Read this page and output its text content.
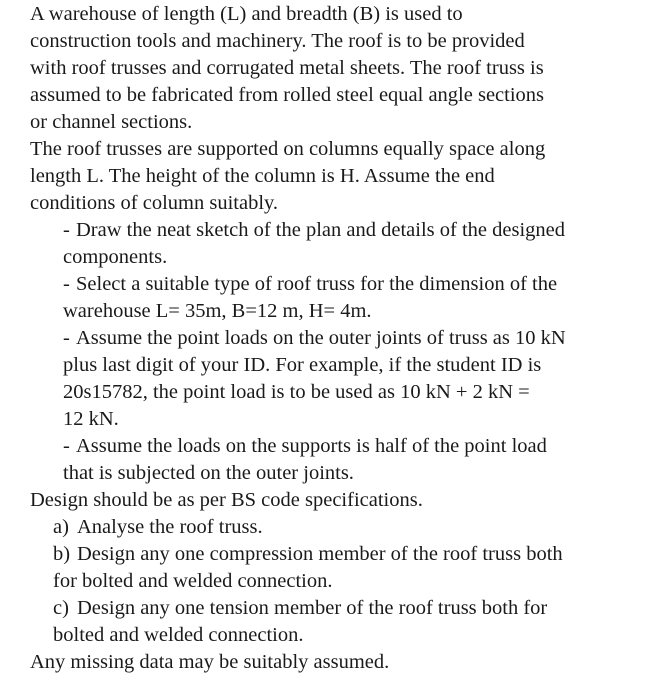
A warehouse of length (L) and breadth (B) is used to
construction tools and machinery. The roof is to be provided
with roof trusses and corrugated metal sheets. The roof truss is
assumed to be fabricated from rolled steel equal angle sections
or channel sections.
The roof trusses are supported on columns equally space along
length L. The height of the column is H. Assume the end
conditions of column suitably.

- Draw the neat sketch of the plan and details of the designed
components.
- Select a suitable type of roof truss for the dimension of the
warehouse L= 35m, B=12 m, H= 4m.
- Assume the point loads on the outer joints of truss as 10 kN
plus last digit of your ID. For example, if the student ID is
20s15782, the point load is to be used as 10 kN + 2 kN =
12 kN.
- Assume the loads on the supports is half of the point load
that is subjected on the outer joints.

Design should be as per BS code specifications.

a) Analyse the roof truss.
b) Design any one compression member of the roof truss both
for bolted and welded connection.
c) Design any one tension member of the roof truss both for
bolted and welded connection.

Any missing data may be suitably assumed.
